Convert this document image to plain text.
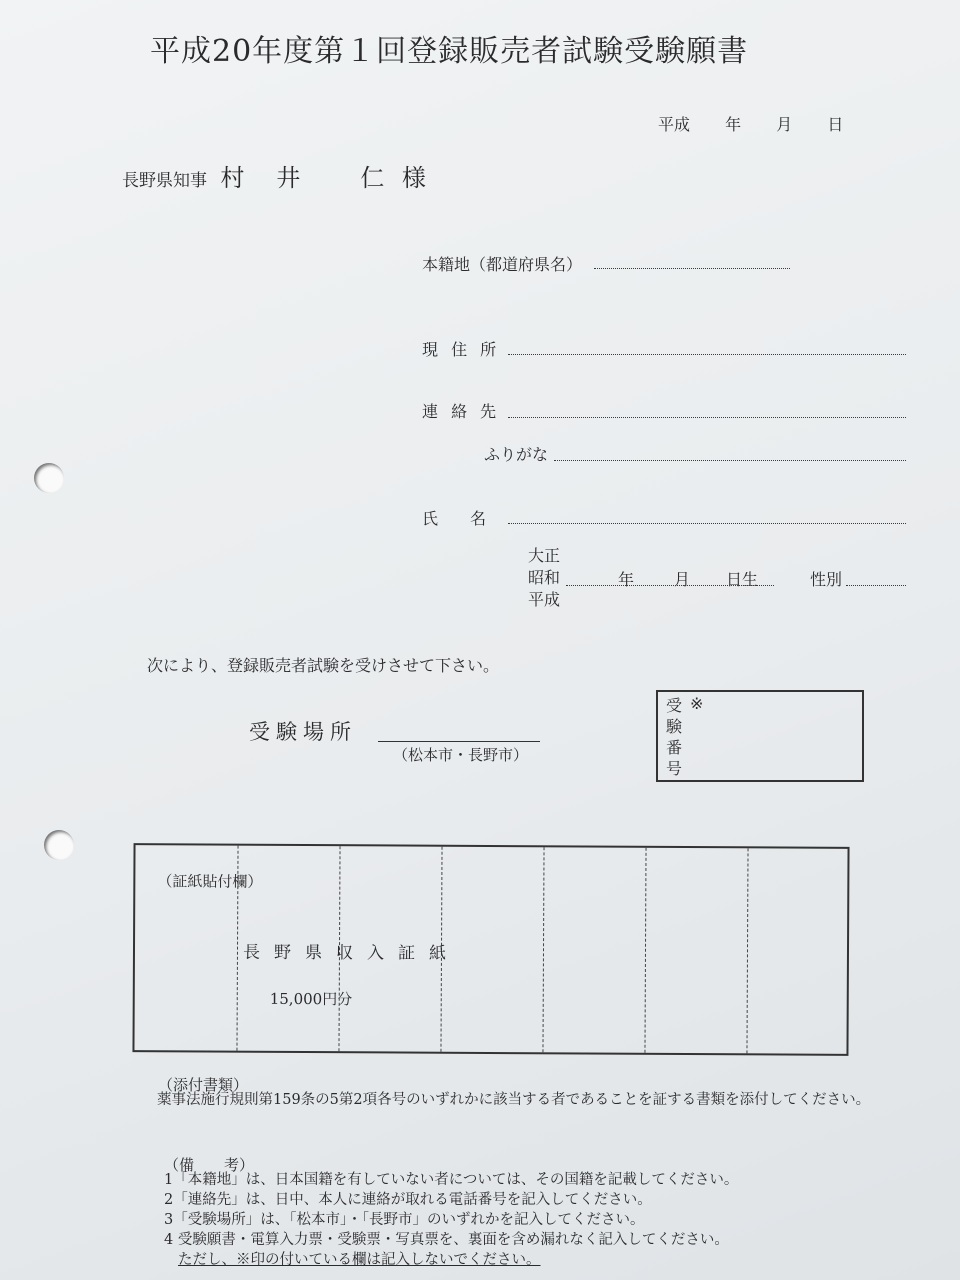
平成20年度第１回登録販売者試験受験願書
平成 年 月 日
長野県知事 村　井　　仁 様
本籍地（都道府県名）
現 住 所
連 絡 先
ふりがな
氏　　名
大正
昭和
平成
年 月 日生	性別
次により、登録販売者試験を受けさせて下さい。
受験場所
（松本市・長野市）
受験番号
※
（証紙貼付欄）
長野県収入証紙
15,000円分
（添付書類）
薬事法施行規則第159条の5第2項各号のいずれかに該当する者であることを証する書類を添付してください。
（備　　考）
1「本籍地」は、日本国籍を有していない者については、その国籍を記載してください。
2「連絡先」は、日中、本人に連絡が取れる電話番号を記入してください。
3「受験場所」は、「松本市」・「長野市」のいずれかを記入してください。
4 受験願書・電算入力票・受験票・写真票を、裏面を含め漏れなく記入してください。
ただし、※印の付いている欄は記入しないでください。
